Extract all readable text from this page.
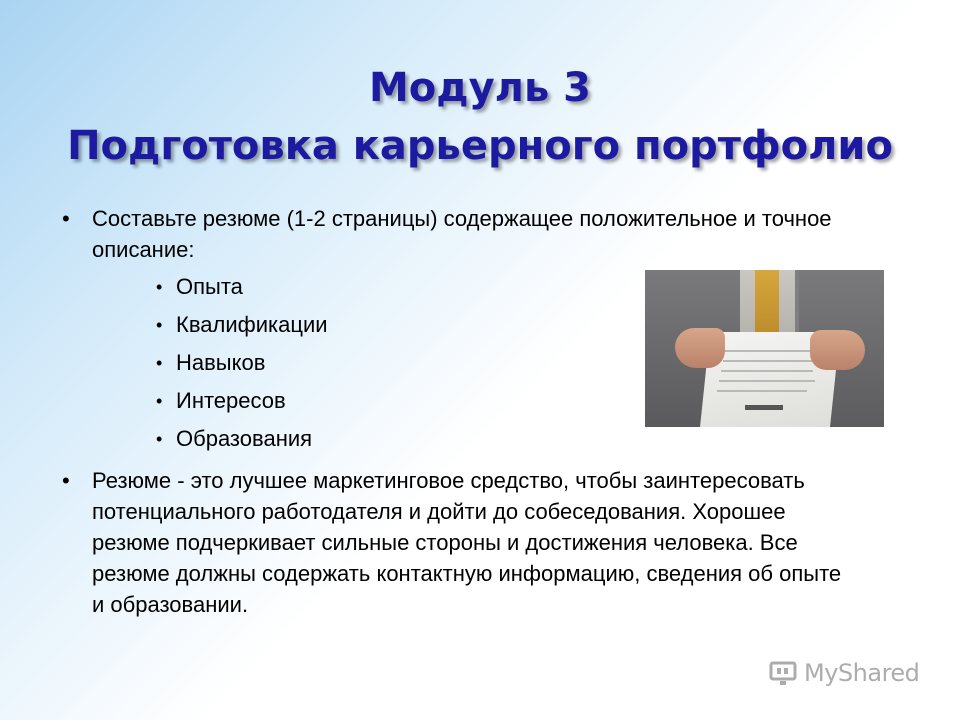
Модуль 3
Подготовка карьерного портфолио
• Составьте резюме (1-2 страницы) содержащее положительное и точное описание:
• Опыта
• Квалификации
• Навыков
• Интересов
• Образования
• Резюме - это лучшее маркетинговое средство, чтобы заинтересовать потенциального работодателя и дойти до собеседования. Хорошее резюме подчеркивает сильные стороны и достижения человека. Все резюме должны содержать контактную информацию, сведения об опыте и образовании.
MyShared
